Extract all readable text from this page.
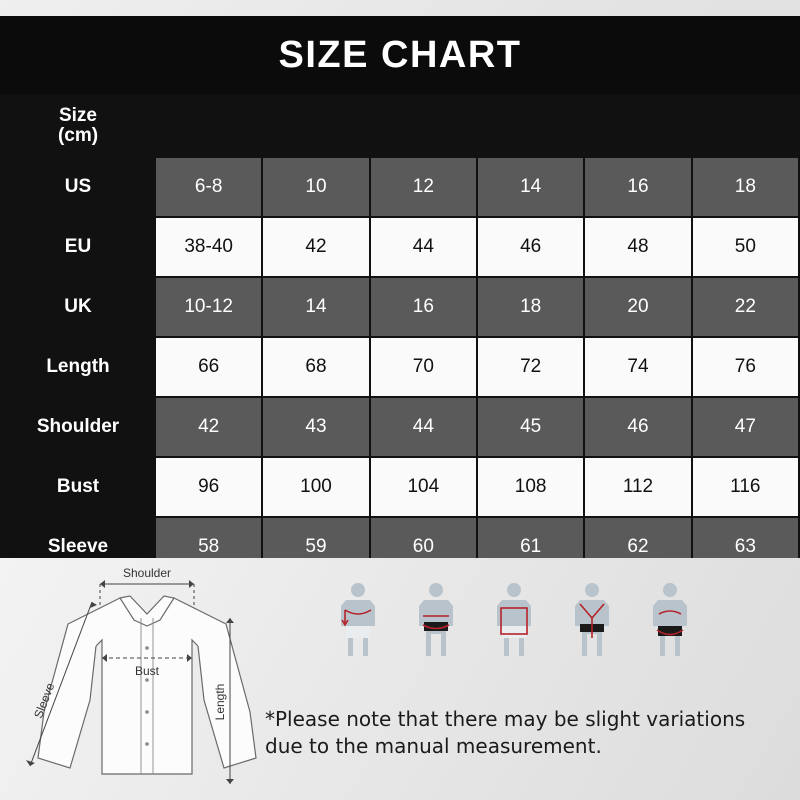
SIZE CHART
Size
(cm)	M	L	XL	2XL	3XL	4XL
US	6-8	10	12	14	16	18
EU	38-40	42	44	46	48	50
UK	10-12	14	16	18	20	22
Length	66	68	70	72	74	76
Shoulder	42	43	44	45	46	47
Bust	96	100	104	108	112	116
Sleeve	58	59	60	61	62	63
Shoulder
Bust
Length
Sleeve	*Please note that there may be slight variations due to the manual measurement.
